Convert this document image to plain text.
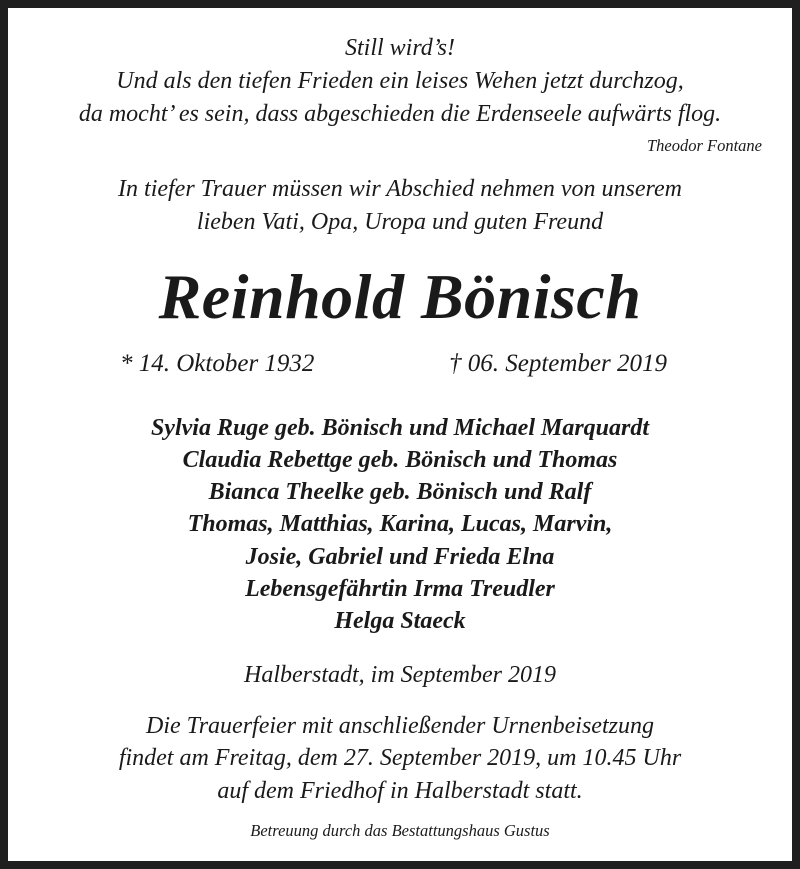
Still wird’s!
Und als den tiefen Frieden ein leises Wehen jetzt durchzog,
da mocht’ es sein, dass abgeschieden die Erdenseele aufwärts flog.
Theodor Fontane
In tiefer Trauer müssen wir Abschied nehmen von unserem
lieben Vati, Opa, Uropa und guten Freund
Reinhold Bönisch
* 14. Oktober 1932	† 06. September 2019
Sylvia Ruge geb. Bönisch und Michael Marquardt
Claudia Rebettge geb. Bönisch und Thomas
Bianca Theelke geb. Bönisch und Ralf
Thomas, Matthias, Karina, Lucas, Marvin,
Josie, Gabriel und Frieda Elna
Lebensgefährtin Irma Treudler
Helga Staeck
Halberstadt, im September 2019
Die Trauerfeier mit anschließender Urnenbeisetzung
findet am Freitag, dem 27. September 2019, um 10.45 Uhr
auf dem Friedhof in Halberstadt statt.
Betreuung durch das Bestattungshaus Gustus
